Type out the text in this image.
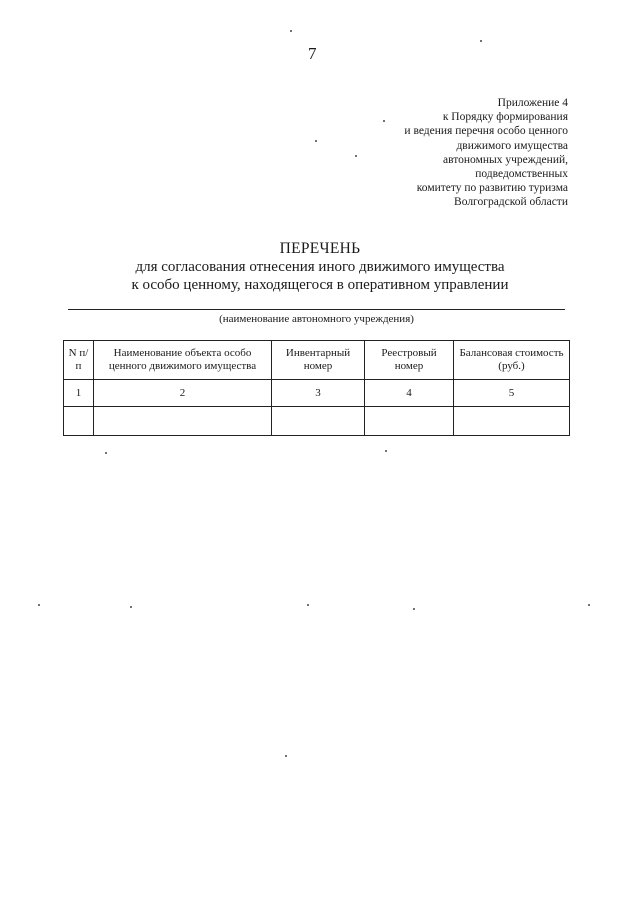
7
Приложение 4
к Порядку формирования
и ведения перечня особо ценного
движимого имущества
автономных учреждений,
подведомственных
комитету по развитию туризма
Волгоградской области
ПЕРЕЧЕНЬ
для согласования отнесения иного движимого имущества
к особо ценному, находящегося в оперативном управлении
(наименование автономного учреждения)
N п/п	Наименование объекта особо ценного движимого имущества	Инвентарный номер	Реестровый номер	Балансовая стоимость (руб.)
1	2	3	4	5
